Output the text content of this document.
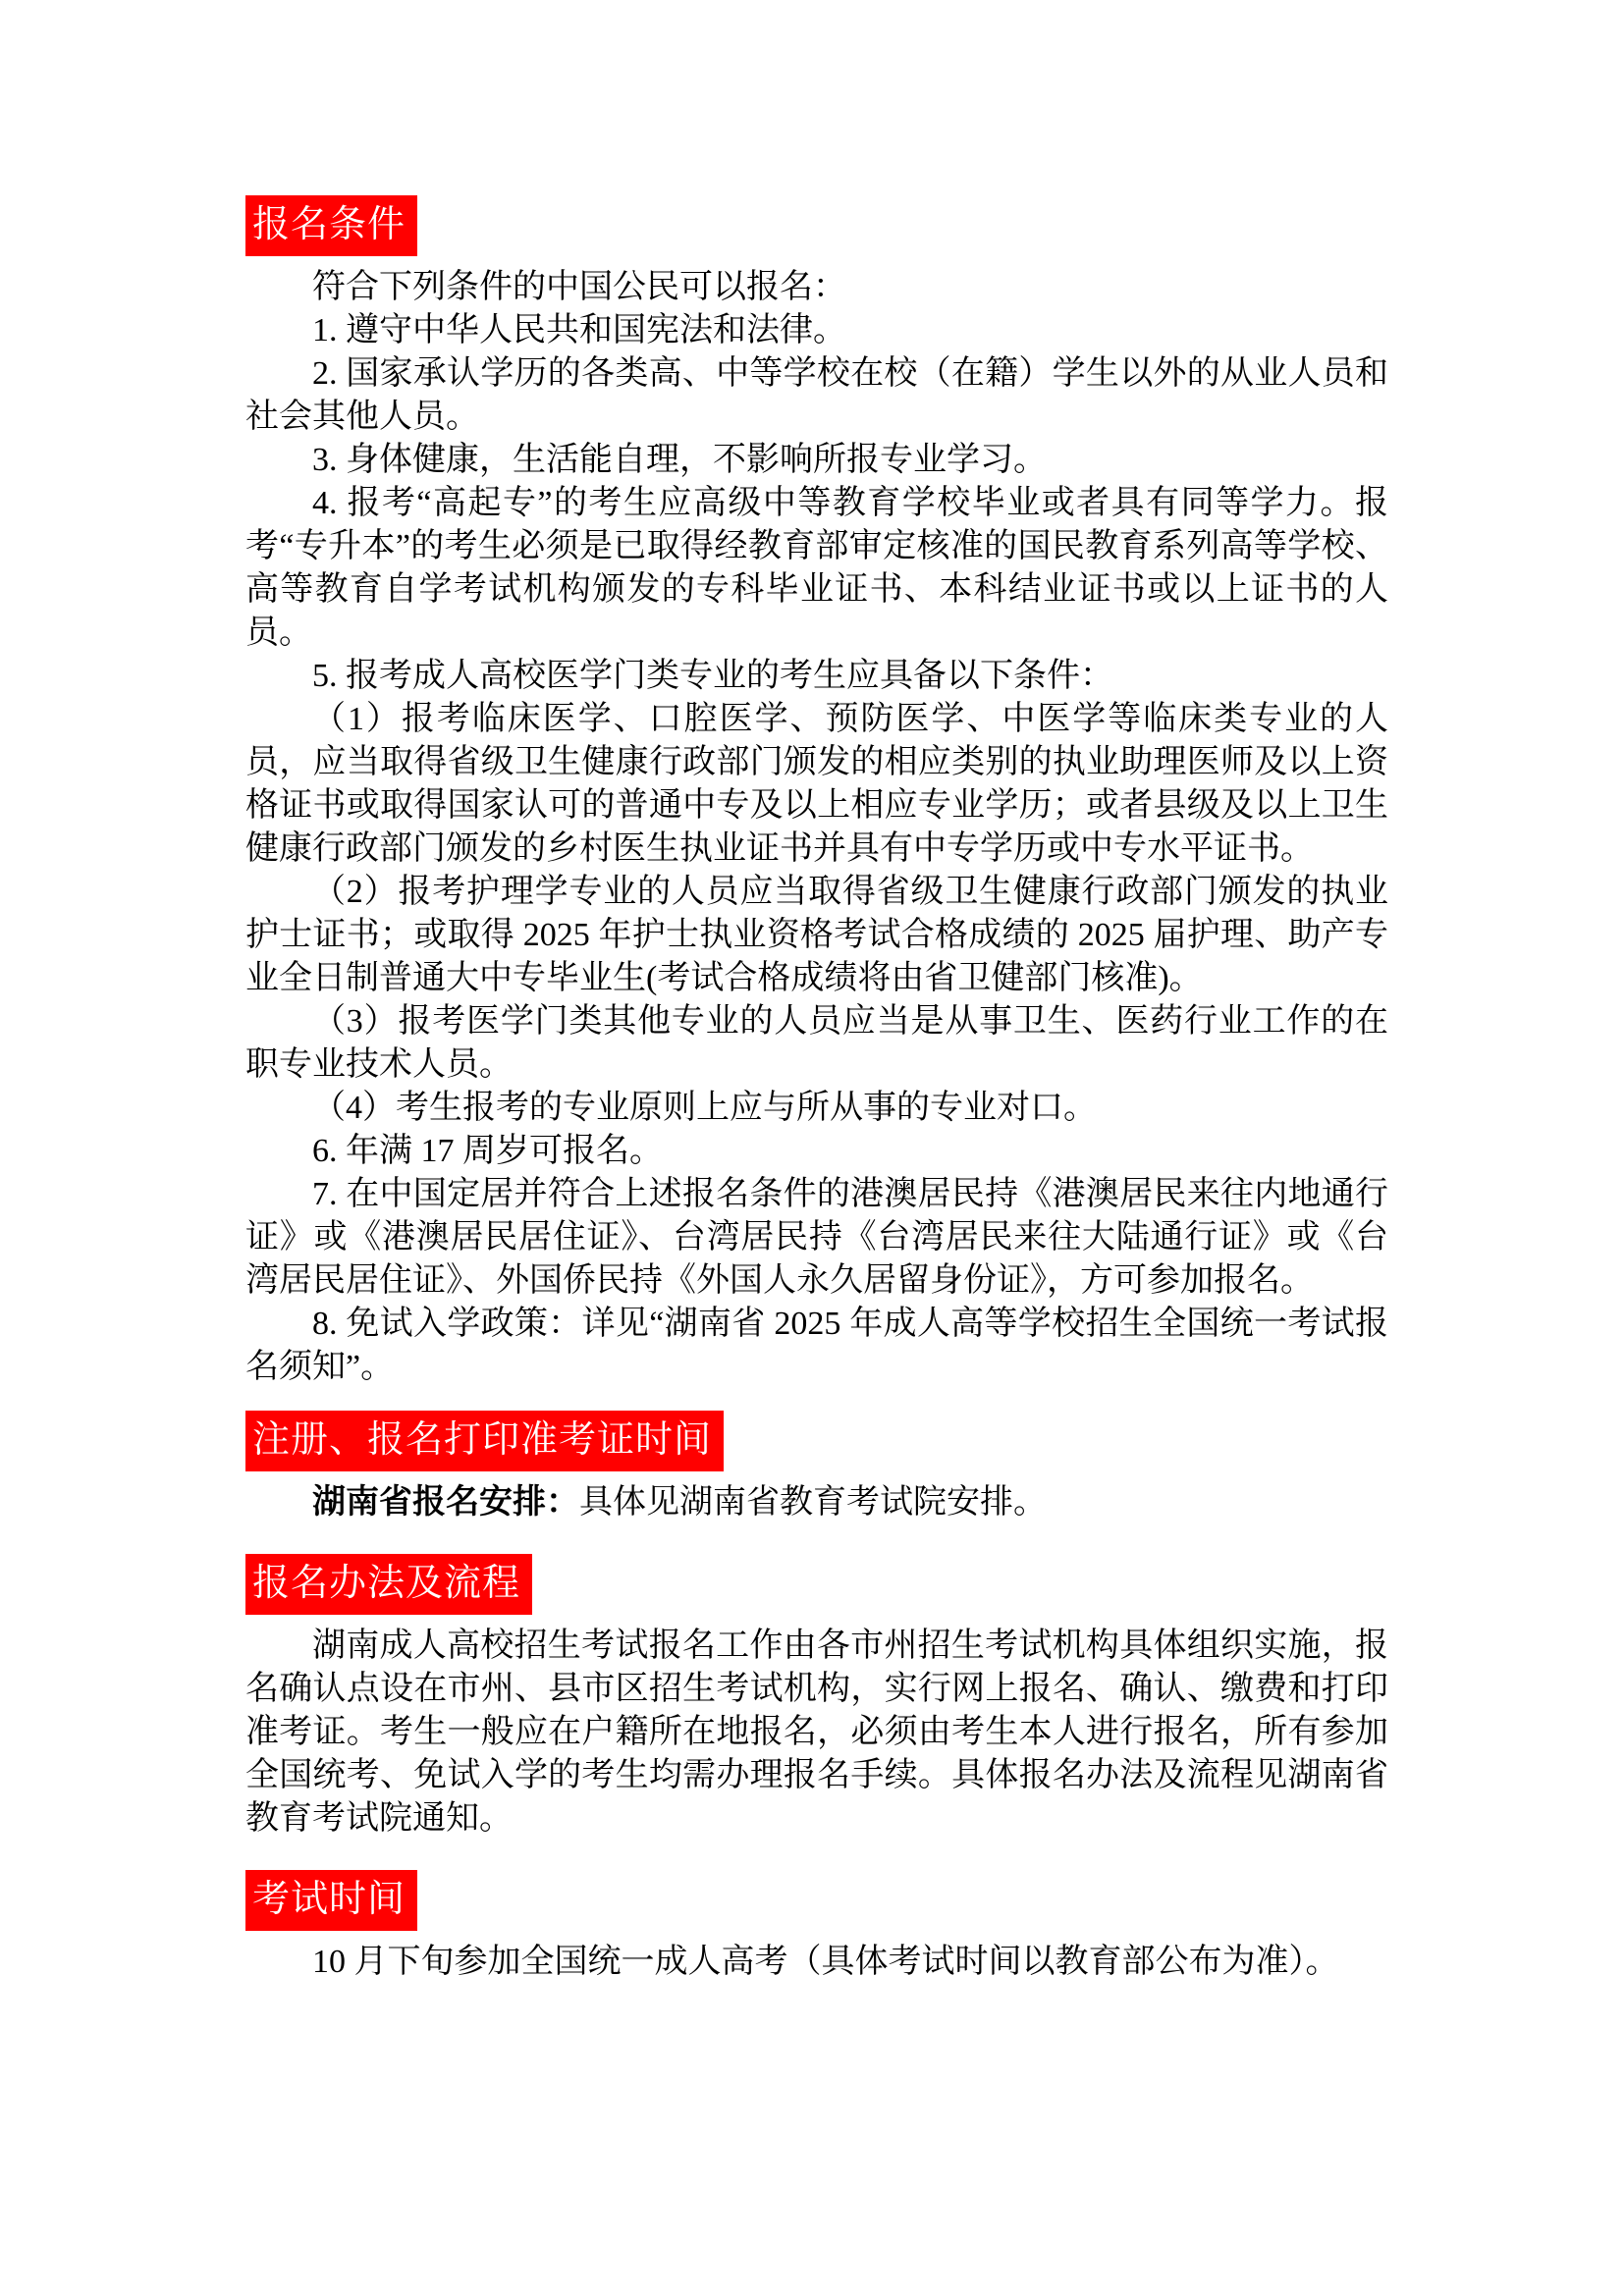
报名条件

符合下列条件的中国公民可以报名：

1. 遵守中华人民共和国宪法和法律。

2. 国家承认学历的各类高、中等学校在校（在籍）学生以外的从业人员和社会其他人员。

3. 身体健康，生活能自理，不影响所报专业学习。

4. 报考“高起专”的考生应高级中等教育学校毕业或者具有同等学力。报考“专升本”的考生必须是已取得经教育部审定核准的国民教育系列高等学校、高等教育自学考试机构颁发的专科毕业证书、本科结业证书或以上证书的人员。

5. 报考成人高校医学门类专业的考生应具备以下条件：

（1）报考临床医学、口腔医学、预防医学、中医学等临床类专业的人员，应当取得省级卫生健康行政部门颁发的相应类别的执业助理医师及以上资格证书或取得国家认可的普通中专及以上相应专业学历；或者县级及以上卫生健康行政部门颁发的乡村医生执业证书并具有中专学历或中专水平证书。

（2）报考护理学专业的人员应当取得省级卫生健康行政部门颁发的执业护士证书；或取得 2025 年护士执业资格考试合格成绩的 2025 届护理、助产专业全日制普通大中专毕业生(考试合格成绩将由省卫健部门核准)。

（3）报考医学门类其他专业的人员应当是从事卫生、医药行业工作的在职专业技术人员。

（4）考生报考的专业原则上应与所从事的专业对口。

6. 年满 17 周岁可报名。

7. 在中国定居并符合上述报名条件的港澳居民持《港澳居民来往内地通行证》或《港澳居民居住证》、台湾居民持《台湾居民来往大陆通行证》或《台湾居民居住证》、外国侨民持《外国人永久居留身份证》，方可参加报名。

8. 免试入学政策：详见“湖南省 2025 年成人高等学校招生全国统一考试报名须知”。

注册、报名打印准考证时间

湖南省报名安排：具体见湖南省教育考试院安排。

报名办法及流程

湖南成人高校招生考试报名工作由各市州招生考试机构具体组织实施，报名确认点设在市州、县市区招生考试机构，实行网上报名、确认、缴费和打印准考证。考生一般应在户籍所在地报名，必须由考生本人进行报名，所有参加全国统考、免试入学的考生均需办理报名手续。具体报名办法及流程见湖南省教育考试院通知。

考试时间

10 月下旬参加全国统一成人高考（具体考试时间以教育部公布为准）。
